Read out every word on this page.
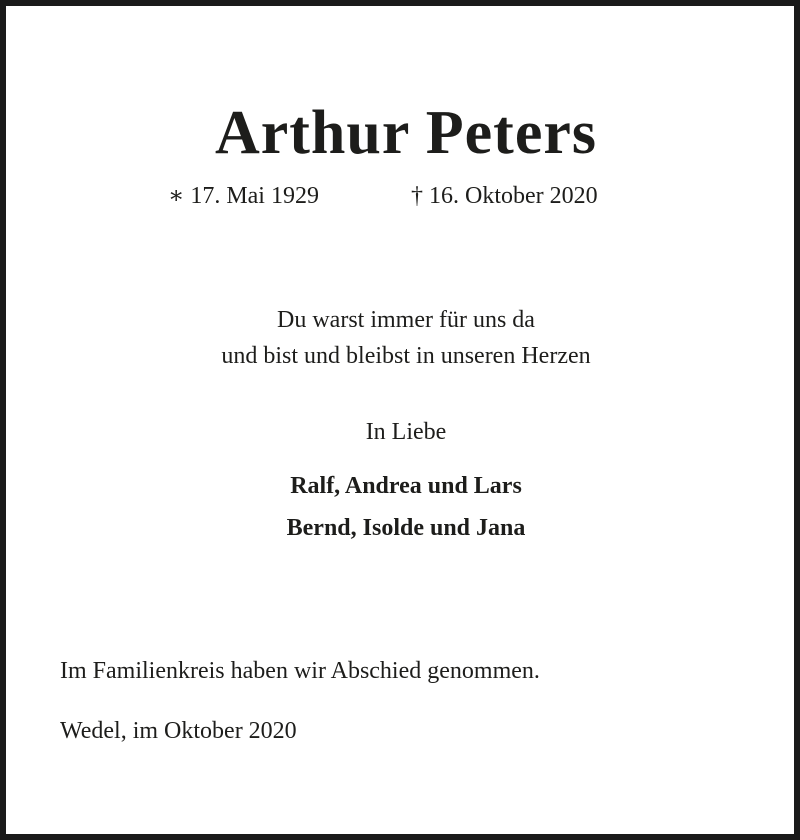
Arthur Peters
∗ 17. Mai 1929	† 16. Oktober 2020
Du warst immer für uns da
und bist und bleibst in unseren Herzen
In Liebe
Ralf, Andrea und Lars
Bernd, Isolde und Jana
Im Familienkreis haben wir Abschied genommen.
Wedel, im Oktober 2020
